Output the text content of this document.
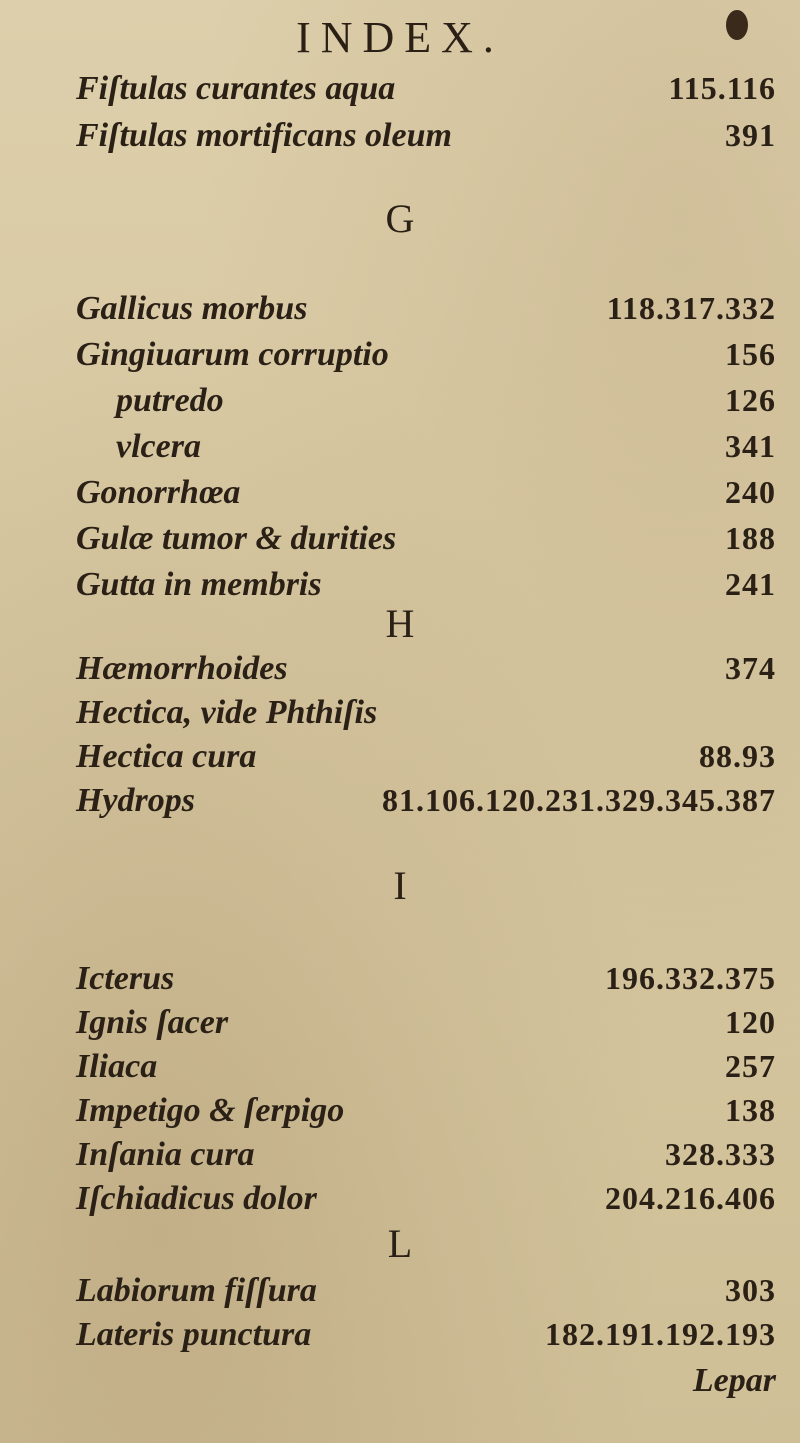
INDEX.
Fiſtulas curantes aqua	115.116
Fiſtulas mortificans oleum	391
G
Gallicus morbus	118.317.332
Gingiuarum corruptio	156
putredo	126
vlcera	341
Gonorrhœa	240
Gulæ tumor & durities	188
Gutta in membris	241
H
Hæmorrhoides	374
Hectica, vide Phthiſis
Hectica cura	88.93
Hydrops	81.106.120.231.329.345.387
I
Icterus	196.332.375
Ignis ſacer	120
Iliaca	257
Impetigo & ſerpigo	138
Inſania cura	328.333
Iſchiadicus dolor	204.216.406
L
Labiorum fiſſura	303
Lateris punctura	182.191.192.193
Lepar
